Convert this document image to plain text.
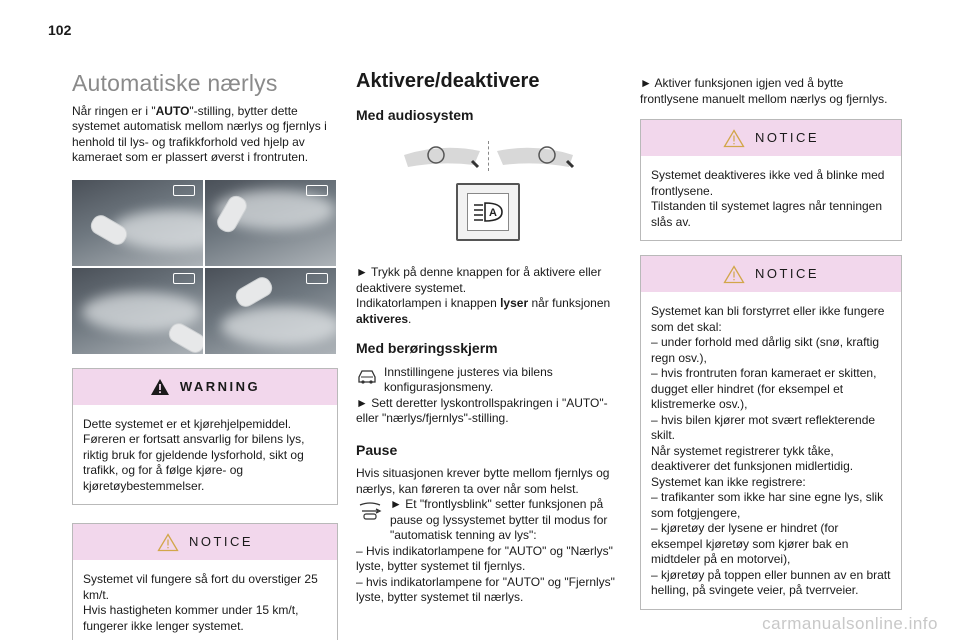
102
Automatiske nærlys

Når ringen er i "AUTO"-stilling, bytter dette systemet automatisk mellom nærlys og fjernlys i henhold til lys- og trafikkforhold ved hjelp av kameraet som er plassert øverst i frontruten.

WARNING

Dette systemet er et kjørehjelpemiddel. Føreren er fortsatt ansvarlig for bilens lys, riktig bruk for gjeldende lysforhold, sikt og trafikk, og for å følge kjøre- og kjøretøybestemmelser.

NOTICE

Systemet vil fungere så fort du overstiger 25 km/t.

Hvis hastigheten kommer under 15 km/t, fungerer ikke lenger systemet.

Aktivere/deaktivere
Med audiosystem
A

► Trykk på denne knappen for å aktivere eller deaktivere systemet.

Indikatorlampen i knappen lyser når funksjonen aktiveres.

Med berøringsskjerm

Innstillingene justeres via bilens konfigurasjonsmeny.

► Sett deretter lyskontrollspakringen i "AUTO"- eller "nærlys/fjernlys"-stilling.

Pause

Hvis situasjonen krever bytte mellom fjernlys og nærlys, kan føreren ta over når som helst.

► Et "frontlysblink" setter funksjonen på pause og lyssystemet bytter til modus for "automatisk tenning av lys":

– Hvis indikatorlampene for "AUTO" og "Nærlys" lyste, bytter systemet til fjernlys.

– hvis indikatorlampene for "AUTO" og "Fjernlys" lyste, bytter systemet til nærlys.

► Aktiver funksjonen igjen ved å bytte frontlysene manuelt mellom nærlys og fjernlys.

NOTICE

Systemet deaktiveres ikke ved å blinke med frontlysene.

Tilstanden til systemet lagres når tenningen slås av.

NOTICE

Systemet kan bli forstyrret eller ikke fungere som det skal:

– under forhold med dårlig sikt (snø, kraftig regn osv.),

– hvis frontruten foran kameraet er skitten, dugget eller hindret (for eksempel et klistremerke osv.),

– hvis bilen kjører mot svært reflekterende skilt.

Når systemet registrerer tykk tåke, deaktiverer det funksjonen midlertidig.

Systemet kan ikke registrere:

– trafikanter som ikke har sine egne lys, slik som fotgjengere,

– kjøretøy der lysene er hindret (for eksempel kjøretøy som kjører bak en midtdeler på en motorvei),

– kjøretøy på toppen eller bunnen av en bratt helling, på svingete veier, på tverrveier.

carmanualsonline.info
